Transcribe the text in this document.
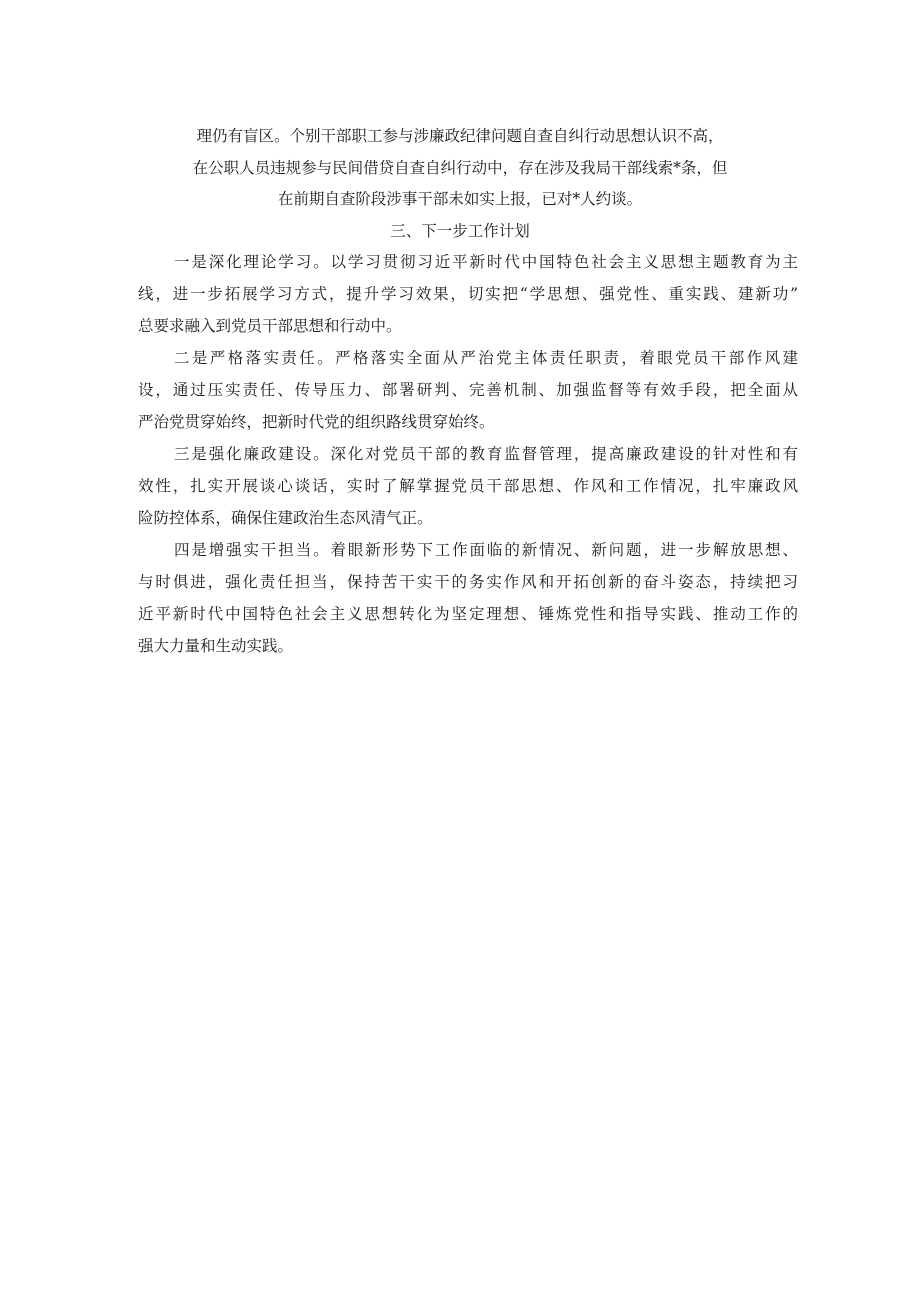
理仍有盲区。个别干部职工参与涉廉政纪律问题自查自纠行动思想认识不高，
在公职人员违规参与民间借贷自查自纠行动中，存在涉及我局干部线索*条，但
在前期自查阶段涉事干部未如实上报，已对*人约谈。
三、下一步工作计划
一是深化理论学习。以学习贯彻习近平新时代中国特色社会主义思想主题教育为主
线，进一步拓展学习方式，提升学习效果，切实把“学思想、强党性、重实践、建新功”
总要求融入到党员干部思想和行动中。
二是严格落实责任。严格落实全面从严治党主体责任职责，着眼党员干部作风建
设，通过压实责任、传导压力、部署研判、完善机制、加强监督等有效手段，把全面从
严治党贯穿始终，把新时代党的组织路线贯穿始终。
三是强化廉政建设。深化对党员干部的教育监督管理，提高廉政建设的针对性和有
效性，扎实开展谈心谈话，实时了解掌握党员干部思想、作风和工作情况，扎牢廉政风
险防控体系，确保住建政治生态风清气正。
四是增强实干担当。着眼新形势下工作面临的新情况、新问题，进一步解放思想、
与时俱进，强化责任担当，保持苦干实干的务实作风和开拓创新的奋斗姿态，持续把习
近平新时代中国特色社会主义思想转化为坚定理想、锤炼党性和指导实践、推动工作的
强大力量和生动实践。
